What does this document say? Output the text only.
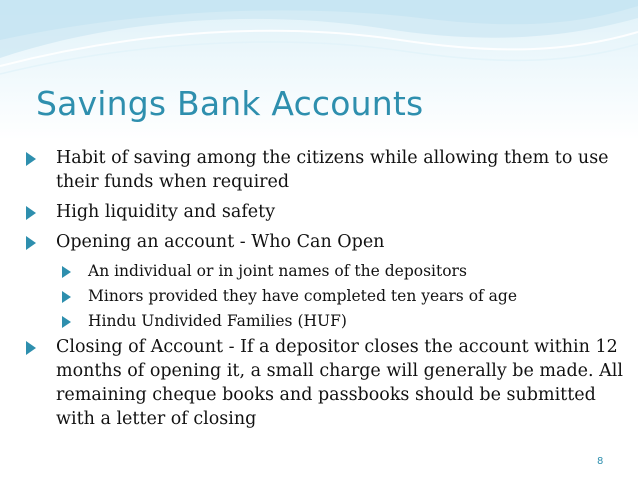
Savings Bank Accounts
Habit of saving among the citizens while allowing them to use their funds when required
High liquidity and safety
Opening an account - Who Can Open
An individual or in joint names of the depositors
Minors provided they have completed ten years of age
Hindu Undivided Families (HUF)
Closing of Account - If a depositor closes the account within 12 months of opening it, a small charge will generally be made. All remaining cheque books and passbooks should be submitted with a letter of closing
8
